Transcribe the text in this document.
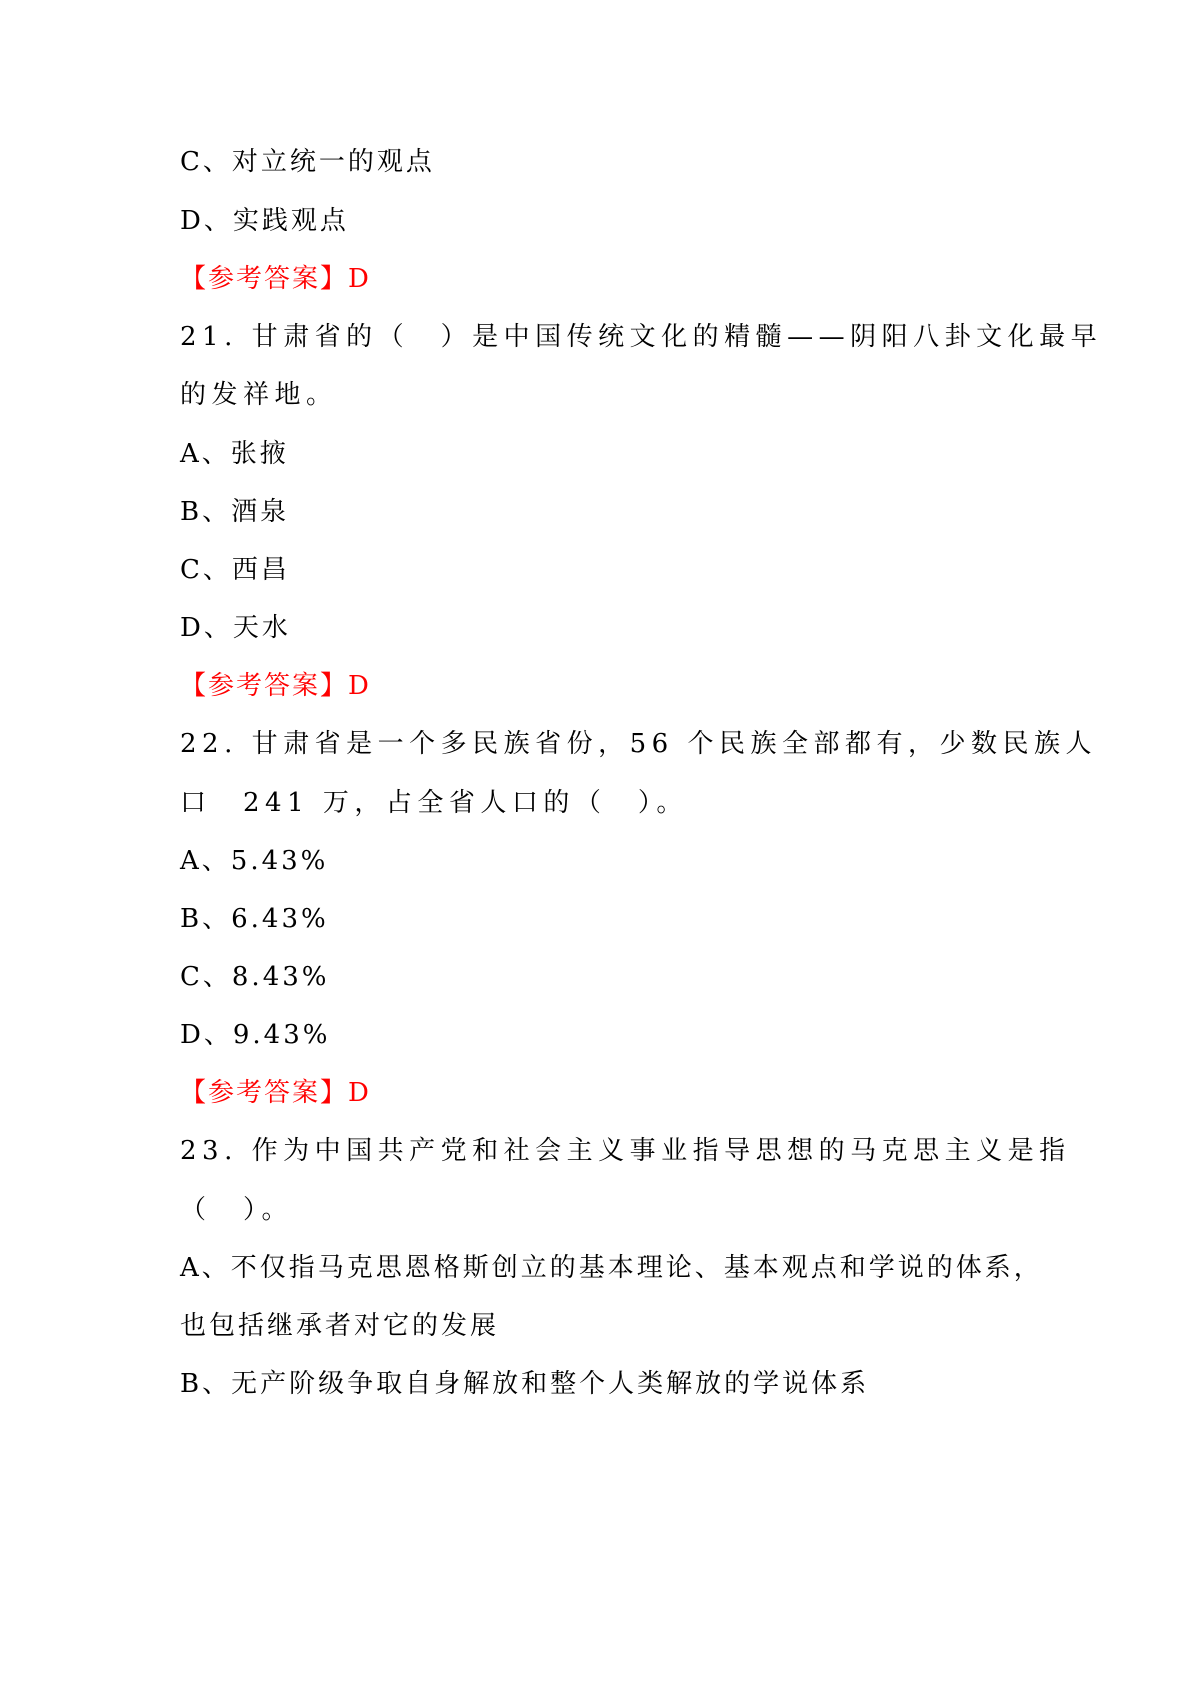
C、对立统一的观点
D、实践观点
【参考答案】D
21. 甘肃省的（　）是中国传统文化的精髓——阴阳八卦文化最早
的发祥地。
A、张掖
B、酒泉
C、西昌
D、天水
【参考答案】D
22. 甘肃省是一个多民族省份，56 个民族全部都有，少数民族人
口　241 万，占全省人口的（　）。
A、5.43%
B、6.43%
C、8.43%
D、9.43%
【参考答案】D
23. 作为中国共产党和社会主义事业指导思想的马克思主义是指
（　）。
A、不仅指马克思恩格斯创立的基本理论、基本观点和学说的体系，
也包括继承者对它的发展
B、无产阶级争取自身解放和整个人类解放的学说体系
